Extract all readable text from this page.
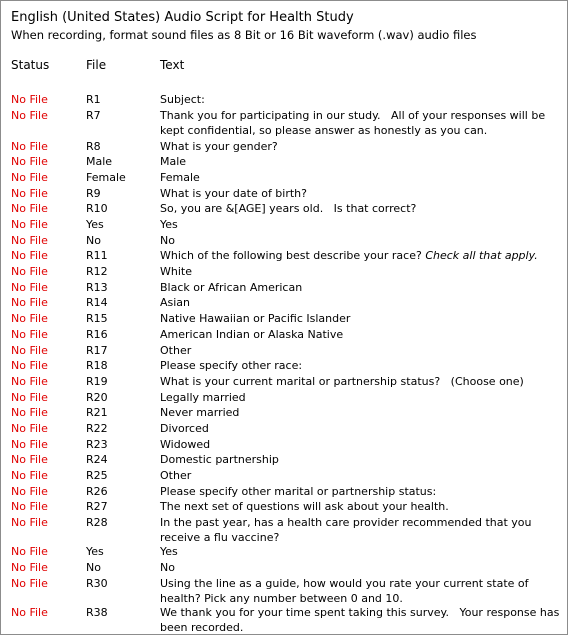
English (United States) Audio Script for Health Study
When recording, format sound files as 8 Bit or 16 Bit waveform (.wav) audio files
Status	File	Text
No File	R1	Subject:
No File	R7	Thank you for participating in our study.   All of your responses will be kept confidential, so please answer as honestly as you can.
No File	R8	What is your gender?
No File	Male	Male
No File	Female	Female
No File	R9	What is your date of birth?
No File	R10	So, you are &[AGE] years old.   Is that correct?
No File	Yes	Yes
No File	No	No
No File	R11	Which of the following best describe your race? Check all that apply.
No File	R12	White
No File	R13	Black or African American
No File	R14	Asian
No File	R15	Native Hawaiian or Pacific Islander
No File	R16	American Indian or Alaska Native
No File	R17	Other
No File	R18	Please specify other race:
No File	R19	What is your current marital or partnership status?   (Choose one)
No File	R20	Legally married
No File	R21	Never married
No File	R22	Divorced
No File	R23	Widowed
No File	R24	Domestic partnership
No File	R25	Other
No File	R26	Please specify other marital or partnership status:
No File	R27	The next set of questions will ask about your health.
No File	R28	In the past year, has a health care provider recommended that you receive a flu vaccine?
No File	Yes	Yes
No File	No	No
No File	R30	Using the line as a guide, how would you rate your current state of health? Pick any number between 0 and 10.
No File	R38	We thank you for your time spent taking this survey.   Your response has been recorded.
